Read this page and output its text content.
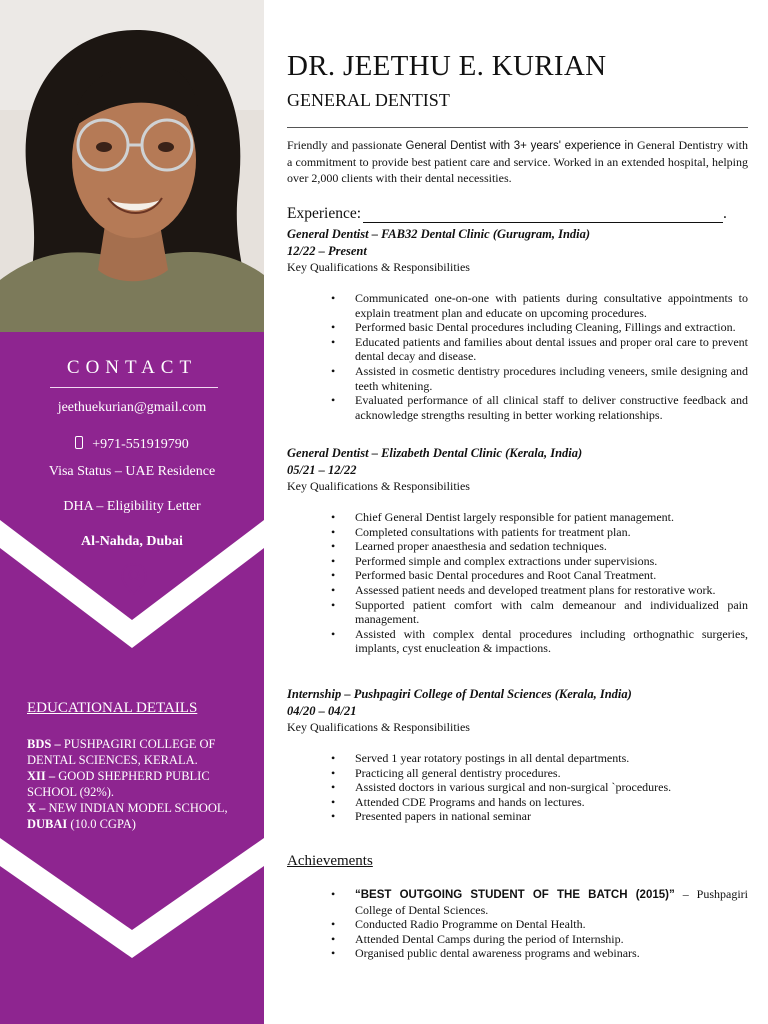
CONTACT
jeethuekurian@gmail.com
+971-551919790
Visa Status – UAE Residence
DHA – Eligibility Letter
Al-Nahda, Dubai
EDUCATIONAL DETAILS
BDS – PUSHPAGIRI COLLEGE OF DENTAL SCIENCES, KERALA.
XII – GOOD SHEPHERD PUBLIC SCHOOL (92%).
X – NEW INDIAN MODEL SCHOOL, DUBAI (10.0 CGPA)
DR. JEETHU E. KURIAN
GENERAL DENTIST
Friendly and passionate General Dentist with 3+ years' experience in General Dentistry with a commitment to provide best patient care and service. Worked in an extended hospital, helping over 2,000 clients with their dental necessities.
Experience:	.
General Dentist – FAB32 Dental Clinic (Gurugram, India)
12/22 – Present
Key Qualifications & Responsibilities
• Communicated one-on-one with patients during consultative appointments to explain treatment plan and educate on upcoming procedures.
• Performed basic Dental procedures including Cleaning, Fillings and extraction.
• Educated patients and families about dental issues and proper oral care to prevent dental decay and disease.
• Assisted in cosmetic dentistry procedures including veneers, smile designing and teeth whitening.
• Evaluated performance of all clinical staff to deliver constructive feedback and acknowledge strengths resulting in better working relationships.
General Dentist – Elizabeth Dental Clinic (Kerala, India)
05/21 – 12/22
Key Qualifications & Responsibilities
• Chief General Dentist largely responsible for patient management.
• Completed consultations with patients for treatment plan.
• Learned proper anaesthesia and sedation techniques.
• Performed simple and complex extractions under supervisions.
• Performed basic Dental procedures and Root Canal Treatment.
• Assessed patient needs and developed treatment plans for restorative work.
• Supported patient comfort with calm demeanour and individualized pain management.
• Assisted with complex dental procedures including orthognathic surgeries, implants, cyst enucleation & impactions.
Internship – Pushpagiri College of Dental Sciences (Kerala, India)
04/20 – 04/21
Key Qualifications & Responsibilities
• Served 1 year rotatory postings in all dental departments.
• Practicing all general dentistry procedures.
• Assisted doctors in various surgical and non-surgical `procedures.
• Attended CDE Programs and hands on lectures.
• Presented papers in national seminar
Achievements
• “BEST OUTGOING STUDENT OF THE BATCH (2015)” – Pushpagiri College of Dental Sciences.
• Conducted Radio Programme on Dental Health.
• Attended Dental Camps during the period of Internship.
• Organised public dental awareness programs and webinars.
